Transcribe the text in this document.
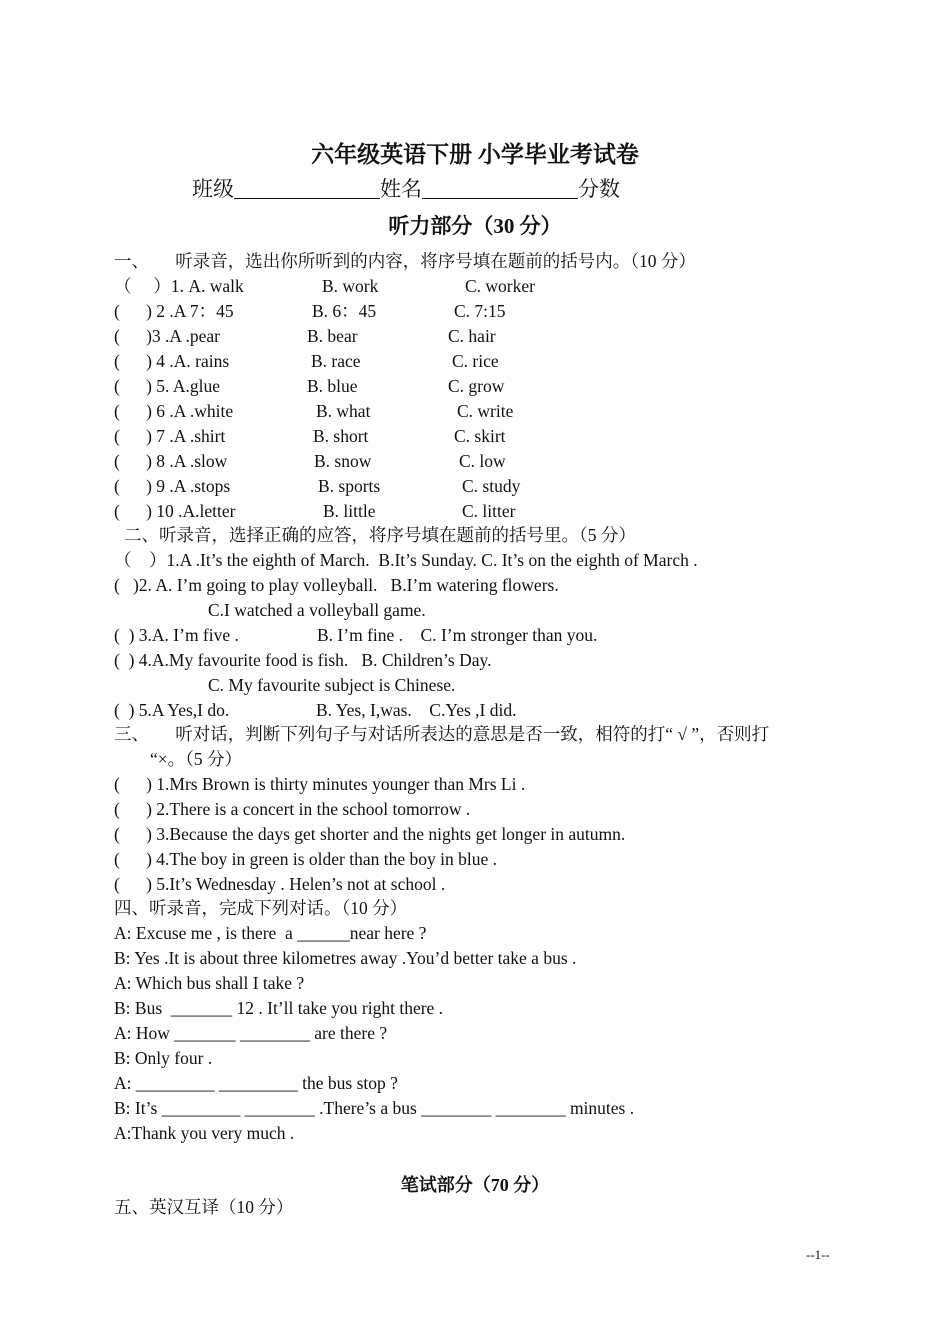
六年级英语下册 小学毕业考试卷
班级	姓名	分数
听力部分（30 分）
一、　　听录音，选出你所听到的内容，将序号填在题前的括号内。（10 分）
（　 ）1. A. walk	B. work	C. worker
(　  ) 2 .A 7：45	B. 6：45	C. 7:15
(　  )3 .A .pear	B. bear	C. hair
(　  ) 4 .A. rains	B. race	C. rice
(　  ) 5. A.glue	B. blue	C. grow
(　  ) 6 .A .white	B. what	C. write
(　  ) 7 .A .shirt	B. short	C. skirt
(　  ) 8 .A .slow	B. snow	C. low
(　  ) 9 .A .stops	B. sports	C. study
(　  ) 10 .A.letter	B. little	C. litter
二、听录音，选择正确的应答，将序号填在题前的括号里。（5 分）
（　）1.A .It’s the eighth of March.  B.It’s Sunday. C. It’s on the eighth of March .
(   )2. A. I’m going to play volleyball.   B.I’m watering flowers.
C.I watched a volleyball game.
(  ) 3.A. I’m five .	B. I’m fine .    C. I’m stronger than you.
(  ) 4.A.My favourite food is fish.   B. Children’s Day.
C. My favourite subject is Chinese.
(  ) 5.A Yes,I do.	B. Yes, I,was.    C.Yes ,I did.
三、　　听对话，判断下列句子与对话所表达的意思是否一致，相符的打“ √ ”，否则打
“×。（5 分）
(      ) 1.Mrs Brown is thirty minutes younger than Mrs Li .
(      ) 2.There is a concert in the school tomorrow .
(      ) 3.Because the days get shorter and the nights get longer in autumn.
(      ) 4.The boy in green is older than the boy in blue .
(      ) 5.It’s Wednesday . Helen’s not at school .
四、听录音，完成下列对话。（10 分）
A: Excuse me , is there  a ______near here ?
B: Yes .It is about three kilometres away .You’d better take a bus .
A: Which bus shall I take ?
B: Bus  _______ 12 . It’ll take you right there .
A: How _______ ________ are there ?
B: Only four .
A: _________ _________ the bus stop ?
B: It’s _________ ________ .There’s a bus ________ ________ minutes .
A:Thank you very much .
笔试部分（70 分）
五、英汉互译（10 分）
--1--
